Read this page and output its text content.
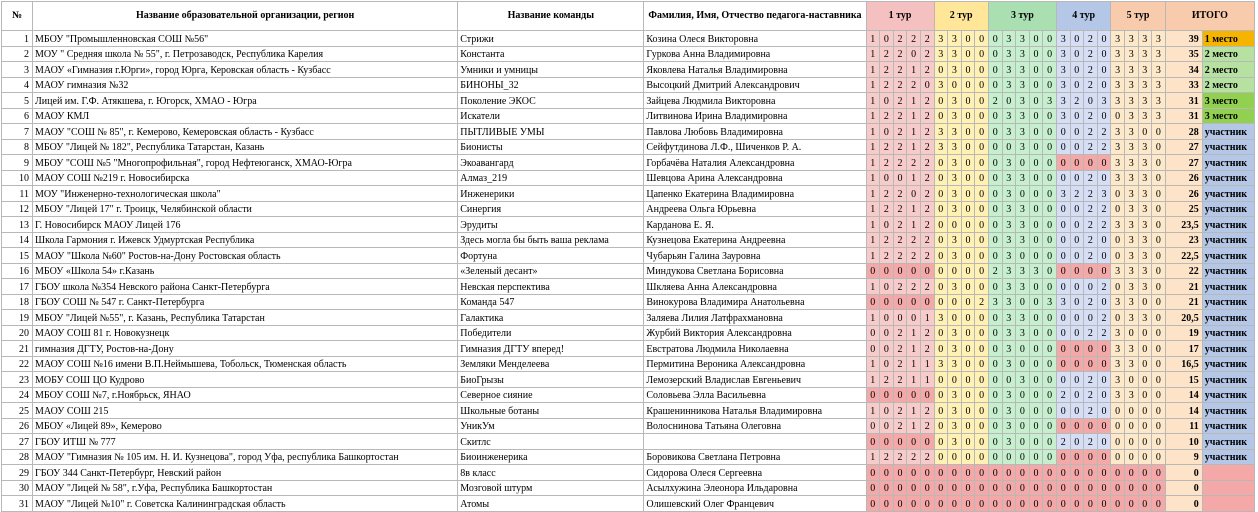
№	Название образовательной организации, регион	Название команды	Фамилия, Имя, Отчество педагога-наставника	1 тур					2 тур				3 тур					4 тур				5 тур				ИТОГО	
1	МБОУ "Промышленновская СОШ №56"	Стрижи	Козина Олеся Викторовна	1	0	2	2	2	3	3	0	0	0	3	3	0	0	3	0	2	0	3	3	3	3	39	1 место
2	МОУ " Средняя школа № 55", г. Петрозаводск, Республика Карелия	Константа	Гуркова Анна Владимировна	1	2	2	0	2	3	3	0	0	0	3	3	0	0	3	0	2	0	3	3	3	3	35	2 место
3	МАОУ «Гимназия г.Юрги», город Юрга, Керовская область - Кузбасс	Умники и умницы	Яковлева Наталья Владимировна	1	2	2	1	2	0	3	0	0	0	3	3	0	0	3	0	2	0	3	3	3	3	34	2 место
4	МАОУ гимназия №32	БИНОНЫ_32	Высоцкий Дмитрий Александрович	1	2	2	2	0	3	0	0	0	0	3	3	0	0	3	0	2	0	3	3	3	3	33	2 место
5	Лицей им. Г.Ф. Атякшева, г. Югорск, ХМАО - Югра	Поколение ЭКОС	Зайцева Людмила Викторовна	1	0	2	1	2	0	3	0	0	2	0	3	0	3	3	2	0	3	3	3	3	3	31	3 место
6	МАОУ КМЛ	Искатели	Литвинова Ирина Владимировна	1	2	2	1	2	0	3	0	0	0	3	3	0	0	3	0	2	0	0	3	3	3	31	3 место
7	МАОУ "СОШ № 85", г. Кемерово, Кемеровская область - Кузбасс	ПЫТЛИВЫЕ УМЫ	Павлова Любовь Владимировна	1	0	2	1	2	3	3	0	0	0	3	3	0	0	0	0	2	2	3	3	0	0	28	участник
8	МБОУ "Лицей № 182", Республика Татарстан, Казань	Бионисты	Сейфутдинова Л.Ф., Шиченков Р. А.	1	2	2	1	2	3	3	0	0	0	0	3	0	0	0	0	2	2	3	3	3	0	27	участник
9	МБОУ "СОШ №5 "Многопрофильная", город Нефтеюганск, ХМАО-Югра	Экоавангард	Горбачёва Наталия Александровна	1	2	2	2	2	0	3	0	0	0	3	0	0	0	0	0	0	0	3	3	3	0	27	участник
10	МАОУ СОШ №219 г. Новосибирска	Алмаз_219	Шевцова Арина Александровна	1	0	0	1	2	0	3	0	0	0	3	3	0	0	0	0	2	0	3	3	3	0	26	участник
11	МОУ "Инженерно-технологическая школа"	Инженерики	Цапенко Екатерина Владимировна	1	2	2	0	2	0	3	0	0	0	3	0	0	0	3	2	2	3	0	3	3	0	26	участник
12	МБОУ "Лицей 17" г. Троицк, Челябинской области	Синергия	Андреева Ольга Юрьевна	1	2	2	1	2	0	3	0	0	0	3	3	0	0	0	0	2	2	0	3	3	0	25	участник
13	Г. Новосибирск МАОУ Лицей 176	Эрудиты	Карданова Е. Я.	1	0	2	1	2	0	0	0	0	0	3	3	0	0	0	0	2	2	3	3	3	0	23,5	участник
14	Школа Гармония г. Ижевск Удмуртская Республика	Здесь могла бы быть ваша реклама	Кузнецова Екатерина Андреевна	1	2	2	2	2	0	3	0	0	0	3	3	0	0	0	0	2	0	0	3	3	0	23	участник
15	МАОУ "Школа №60" Ростов-на-Дону Ростовская область	Фортуна	Чубарьян Галина Зауровна	1	2	2	2	2	0	3	0	0	0	3	0	0	0	0	0	2	0	0	3	3	0	22,5	участник
16	МБОУ «Школа 54» г.Казань	«Зеленый десант»	Миндукова Светлана Борисовна	0	0	0	0	0	0	0	0	0	2	3	3	3	0	0	0	0	0	3	3	3	0	22	участник
17	ГБОУ школа №354 Невского района Санкт-Петербурга	Невская перспектива	Шкляева Анна Александровна	1	0	2	2	2	0	3	0	0	0	3	3	0	0	0	0	0	2	0	3	3	0	21	участник
18	ГБОУ СОШ № 547 г. Санкт-Петербурга	Команда 547	Винокурова Владимира Анатольевна	0	0	0	0	0	0	0	0	2	3	3	0	0	3	3	0	2	0	3	3	0	0	21	участник
19	МБОУ "Лицей №55", г. Казань, Республика Татарстан	Галактика	Заляева Лилия Латфрахмановна	1	0	0	0	1	3	0	0	0	0	3	3	0	0	0	0	0	2	0	3	3	0	20,5	участник
20	МАОУ СОШ 81 г. Новокузнецк	Победители	Журбий Виктория Александровна	0	0	2	1	2	0	3	0	0	0	3	3	0	0	0	0	2	2	3	0	0	0	19	участник
21	гимназия ДГТУ, Ростов-на-Дону	Гимназия ДГТУ вперед!	Евстратова Людмила Николаевна	0	0	2	1	2	0	3	0	0	0	3	0	0	0	0	0	0	0	3	3	0	0	17	участник
22	МАОУ СОШ №16 имени В.П.Неймышева, Тобольск, Тюменская область	Земляки Менделеева	Пермитина Вероника Александровна	1	0	2	1	1	3	3	0	0	0	3	0	0	0	0	0	0	0	3	3	0	0	16,5	участник
23	МОБУ СОШ ЦО Кудрово	БиоГрызы	Лемозерский Владислав Евгеньевич	1	2	2	1	1	0	0	0	0	0	0	3	0	0	0	0	2	0	3	0	0	0	15	участник
24	МБОУ СОШ №7, г.Ноябрьск, ЯНАО	Северное сияние	Соловьева Элла Васильевна	0	0	0	0	0	0	3	0	0	0	3	0	0	0	2	0	2	0	3	3	0	0	14	участник
25	МАОУ СОШ 215	Школьные ботаны	Крашенинникова Наталья Владимировна	1	0	2	1	2	0	3	0	0	0	3	0	0	0	0	0	2	0	0	0	0	0	14	участник
26	МБОУ «Лицей 89», Кемерово	УникУм	Волоснинова Татьяна Олеговна	0	0	2	1	2	0	3	0	0	0	3	0	0	0	0	0	0	0	0	0	0	0	11	участник
27	ГБОУ ИТШ № 777	Скитлс		0	0	0	0	0	0	3	0	0	0	3	0	0	0	2	0	2	0	0	0	0	0	10	участник
28	МАОУ "Гимназия № 105 им. Н. И. Кузнецова", город Уфа, республика Башкортостан	Биоинженерика	Боровикова Светлана Петровна	1	2	2	2	2	0	0	0	0	0	0	0	0	0	0	0	0	0	0	0	0	0	9	участник
29	ГБОУ 344 Санкт-Петербург, Невский район	8в класс	Сидорова Олеся Сергеевна	0	0	0	0	0	0	0	0	0	0	0	0	0	0	0	0	0	0	0	0	0	0	0	
30	МАОУ "Лицей № 58", г.Уфа, Республика Башкортостан	Мозговой штурм	Асылхужина Элеонора Ильдаровна	0	0	0	0	0	0	0	0	0	0	0	0	0	0	0	0	0	0	0	0	0	0	0	
31	МАОУ "Лицей №10" г. Советска Калининградская область	Атомы	Олишевский Олег Францевич	0	0	0	0	0	0	0	0	0	0	0	0	0	0	0	0	0	0	0	0	0	0	0	
